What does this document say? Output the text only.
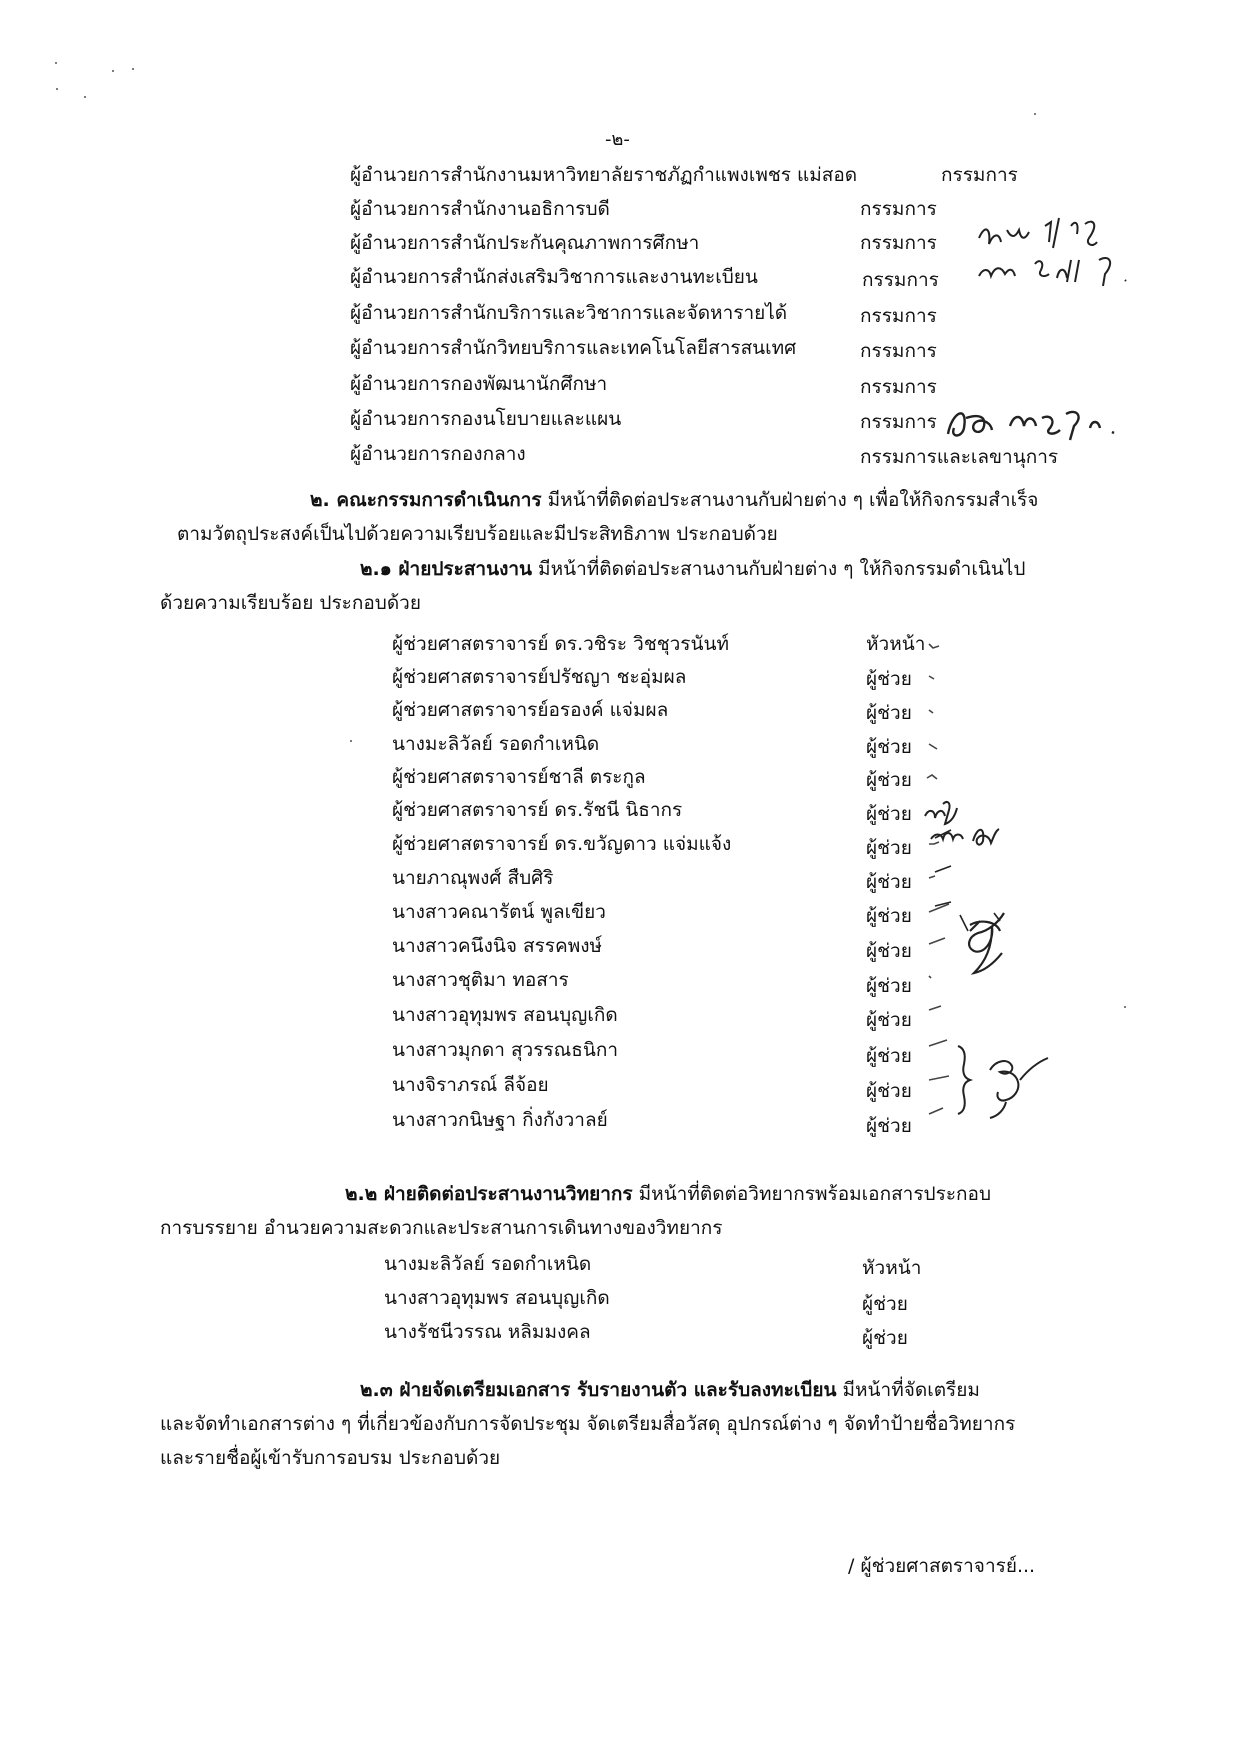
-๒-
ผู้อำนวยการสำนักงานมหาวิทยาลัยราชภัฏกำแพงเพชร แม่สอด	กรรมการ
ผู้อำนวยการสำนักงานอธิการบดี	กรรมการ
ผู้อำนวยการสำนักประกันคุณภาพการศึกษา	กรรมการ
ผู้อำนวยการสำนักส่งเสริมวิชาการและงานทะเบียน	กรรมการ
ผู้อำนวยการสำนักบริการและวิชาการและจัดหารายได้	กรรมการ
ผู้อำนวยการสำนักวิทยบริการและเทคโนโลยีสารสนเทศ	กรรมการ
ผู้อำนวยการกองพัฒนานักศึกษา	กรรมการ
ผู้อำนวยการกองนโยบายและแผน	กรรมการ
ผู้อำนวยการกองกลาง	กรรมการและเลขานุการ
๒. คณะกรรมการดำเนินการ มีหน้าที่ติดต่อประสานงานกับฝ่ายต่าง ๆ เพื่อให้กิจกรรมสำเร็จ
ตามวัตถุประสงค์เป็นไปด้วยความเรียบร้อยและมีประสิทธิภาพ ประกอบด้วย
๒.๑ ฝ่ายประสานงาน มีหน้าที่ติดต่อประสานงานกับฝ่ายต่าง ๆ ให้กิจกรรมดำเนินไป
ด้วยความเรียบร้อย ประกอบด้วย
ผู้ช่วยศาสตราจารย์ ดร.วชิระ วิชชุวรนันท์	หัวหน้า
ผู้ช่วยศาสตราจารย์ปรัชญา ชะอุ่มผล	ผู้ช่วย
ผู้ช่วยศาสตราจารย์อรองค์ แจ่มผล	ผู้ช่วย
นางมะลิวัลย์ รอดกำเหนิด	ผู้ช่วย
ผู้ช่วยศาสตราจารย์ชาลี ตระกูล	ผู้ช่วย
ผู้ช่วยศาสตราจารย์ ดร.รัชนี นิธากร	ผู้ช่วย
ผู้ช่วยศาสตราจารย์ ดร.ขวัญดาว แจ่มแจ้ง	ผู้ช่วย
นายภาณุพงศ์ สืบศิริ	ผู้ช่วย
นางสาวคณารัตน์ พูลเขียว	ผู้ช่วย
นางสาวคนึงนิจ สรรคพงษ์	ผู้ช่วย
นางสาวชุติมา ทอสาร	ผู้ช่วย
นางสาวอุทุมพร สอนบุญเกิด	ผู้ช่วย
นางสาวมุกดา สุวรรณธนิกา	ผู้ช่วย
นางจิราภรณ์ ลีจ้อย	ผู้ช่วย
นางสาวกนิษฐา กิ่งกังวาลย์	ผู้ช่วย
๒.๒ ฝ่ายติดต่อประสานงานวิทยากร มีหน้าที่ติดต่อวิทยากรพร้อมเอกสารประกอบ
การบรรยาย อำนวยความสะดวกและประสานการเดินทางของวิทยากร
นางมะลิวัลย์ รอดกำเหนิด	หัวหน้า
นางสาวอุทุมพร สอนบุญเกิด	ผู้ช่วย
นางรัชนีวรรณ หลิมมงคล	ผู้ช่วย
๒.๓ ฝ่ายจัดเตรียมเอกสาร รับรายงานตัว และรับลงทะเบียน มีหน้าที่จัดเตรียม
และจัดทำเอกสารต่าง ๆ ที่เกี่ยวข้องกับการจัดประชุม จัดเตรียมสื่อวัสดุ อุปกรณ์ต่าง ๆ จัดทำป้ายชื่อวิทยากร
และรายชื่อผู้เข้ารับการอบรม ประกอบด้วย
/ ผู้ช่วยศาสตราจารย์...
